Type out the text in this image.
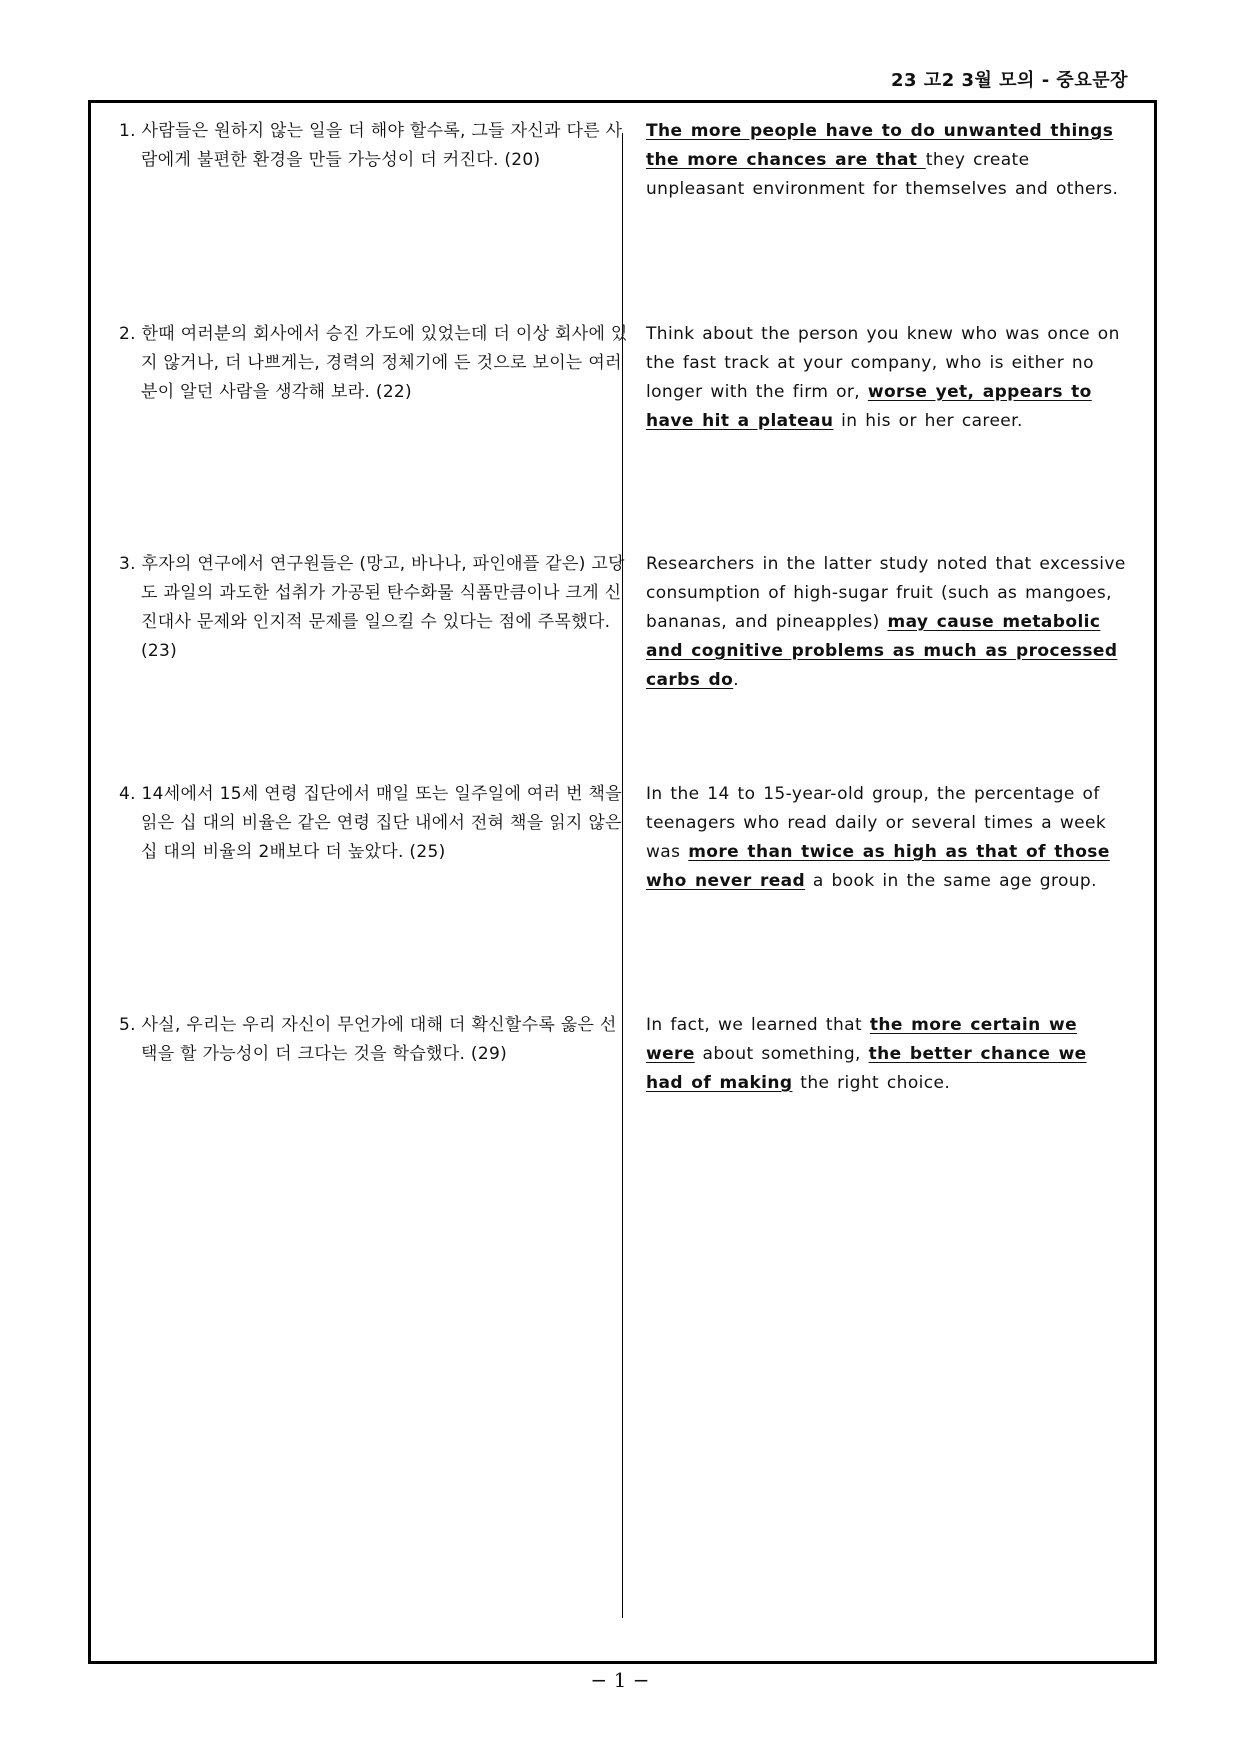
23 고2 3월 모의 - 중요문장
1. 사람들은 원하지 않는 일을 더 해야 할수록, 그들 자신과 다른 사람에게 불편한 환경을 만들 가능성이 더 커진다. (20)
The more people have to do unwanted things the more chances are that they create unpleasant environment for themselves and others.
2. 한때 여러분의 회사에서 승진 가도에 있었는데 더 이상 회사에 있지 않거나, 더 나쁘게는, 경력의 정체기에 든 것으로 보이는 여러분이 알던 사람을 생각해 보라. (22)
Think about the person you knew who was once on the fast track at your company, who is either no longer with the firm or, worse yet, appears to have hit a plateau in his or her career.
3. 후자의 연구에서 연구원들은 (망고, 바나나, 파인애플 같은) 고당도 과일의 과도한 섭취가 가공된 탄수화물 식품만큼이나 크게 신진대사 문제와 인지적 문제를 일으킬 수 있다는 점에 주목했다. (23)
Researchers in the latter study noted that excessive consumption of high-sugar fruit (such as mangoes, bananas, and pineapples) may cause metabolic and cognitive problems as much as processed carbs do.
4. 14세에서 15세 연령 집단에서 매일 또는 일주일에 여러 번 책을 읽은 십 대의 비율은 같은 연령 집단 내에서 전혀 책을 읽지 않은 십 대의 비율의 2배보다 더 높았다. (25)
In the 14 to 15-year-old group, the percentage of teenagers who read daily or several times a week was more than twice as high as that of those who never read a book in the same age group.
5. 사실, 우리는 우리 자신이 무언가에 대해 더 확신할수록 옳은 선택을 할 가능성이 더 크다는 것을 학습했다. (29)
In fact, we learned that the more certain we were about something, the better chance we had of making the right choice.
− 1 −
